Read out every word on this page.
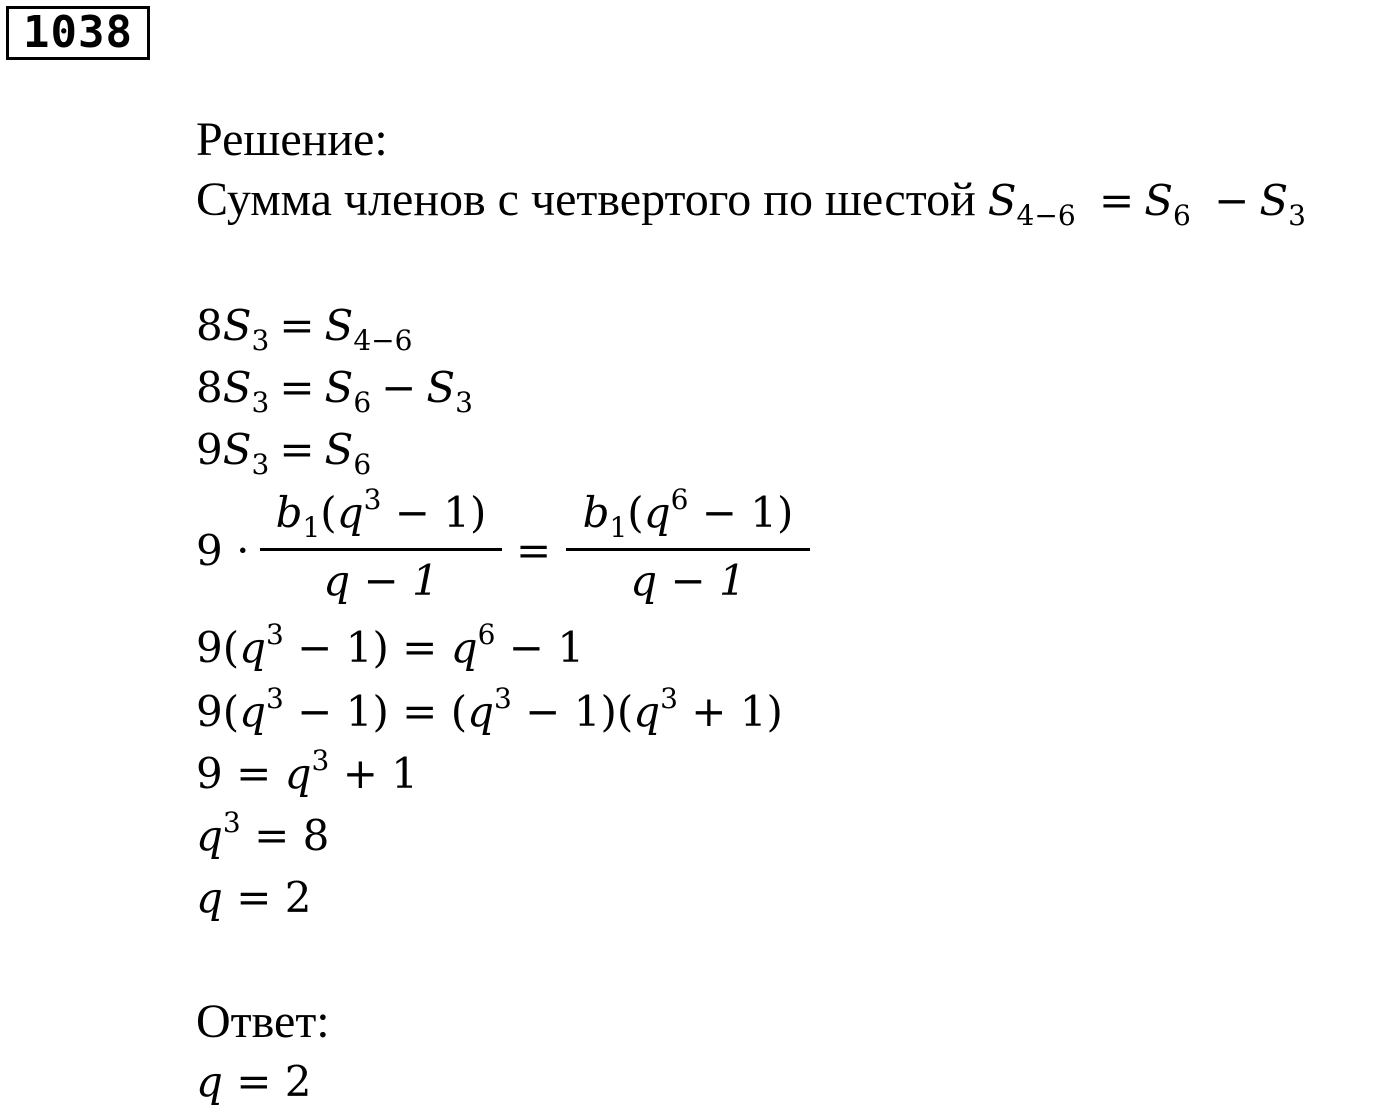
1038
Решение:
Сумма членов с четвертого по шестой $S_{4-6} = S_6 - S_3$
$8S_3 = S_{4-6}$
$8S_3 = S_6 - S_3$
$9S_3 = S_6$
9 ·
$b_1(q^3 - 1)$
q − 1
=
$b_1(q^6 - 1)$
q − 1
$9(q^3 - 1) = q^6 - 1$
$9(q^3 - 1) = (q^3 - 1)(q^3 + 1)$
$9 = q^3 + 1$
$q^3 = 8$
q = 2
Ответ:
q = 2
